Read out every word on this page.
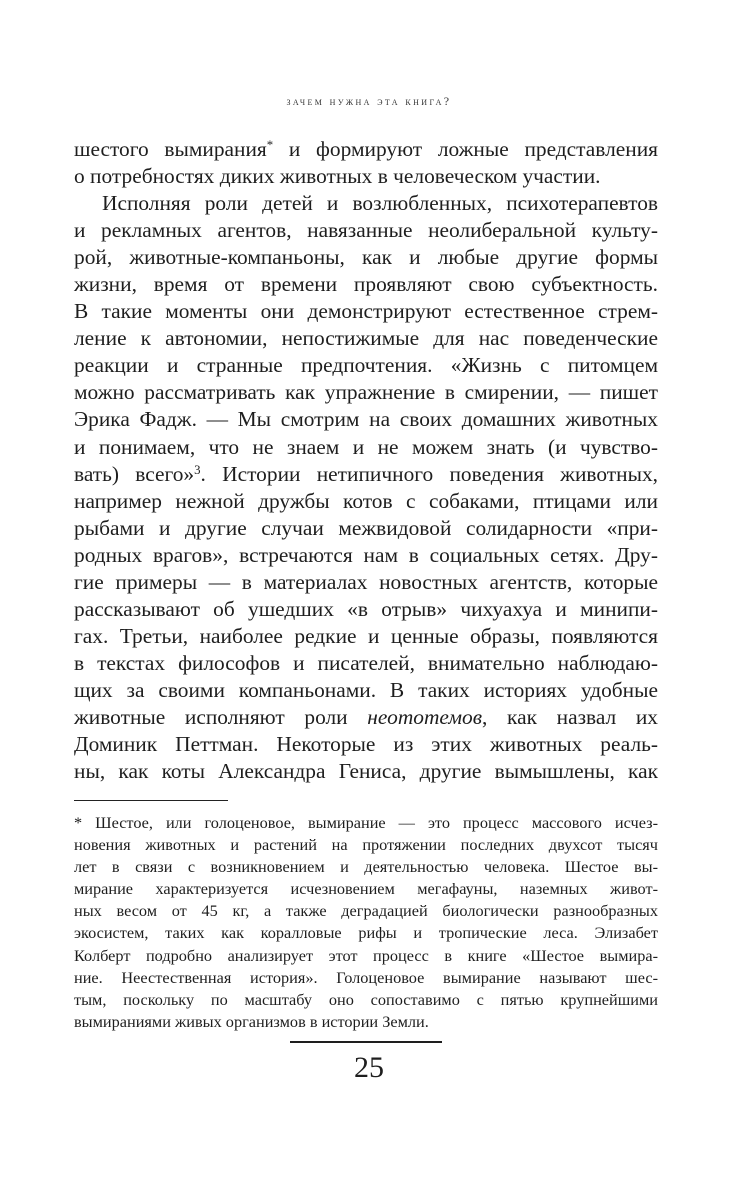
зачем нужна эта книга?
шестого вымирания* и формируют ложные представления
о потребностях диких животных в человеческом участии.
Исполняя роли детей и возлюбленных, психотерапевтов
и рекламных агентов, навязанные неолиберальной культу-
рой, животные-компаньоны, как и любые другие формы
жизни, время от времени проявляют свою субъектность.
В такие моменты они демонстрируют естественное стрем-
ление к автономии, непостижимые для нас поведенческие
реакции и странные предпочтения. «Жизнь с питомцем
можно рассматривать как упражнение в смирении, — пишет
Эрика Фадж. — Мы смотрим на своих домашних животных
и понимаем, что не знаем и не можем знать (и чувство-
вать) всего»$^3$. Истории нетипичного поведения животных,
например нежной дружбы котов с собаками, птицами или
рыбами и другие случаи межвидовой солидарности «при-
родных врагов», встречаются нам в социальных сетях. Дру-
гие примеры — в материалах новостных агентств, которые
рассказывают об ушедших «в отрыв» чихуахуа и минипи-
гах. Третьи, наиболее редкие и ценные образы, появляются
в текстах философов и писателей, внимательно наблюдаю-
щих за своими компаньонами. В таких историях удобные
животные исполняют роли неототемов, как назвал их
Доминик Петтман. Некоторые из этих животных реаль-
ны, как коты Александра Гениса, другие вымышлены, как
* Шестое, или голоценовое, вымирание — это процесс массового исчез-
новения животных и растений на протяжении последних двухсот тысяч
лет в связи с возникновением и деятельностью человека. Шестое вы-
мирание характеризуется исчезновением мегафауны, наземных живот-
ных весом от 45 кг, а также деградацией биологически разнообразных
экосистем, таких как коралловые рифы и тропические леса. Элизабет
Колберт подробно анализирует этот процесс в книге «Шестое вымира-
ние. Неестественная история». Голоценовое вымирание называют шес-
тым, поскольку по масштабу оно сопоставимо с пятью крупнейшими
вымираниями живых организмов в истории Земли.
25
